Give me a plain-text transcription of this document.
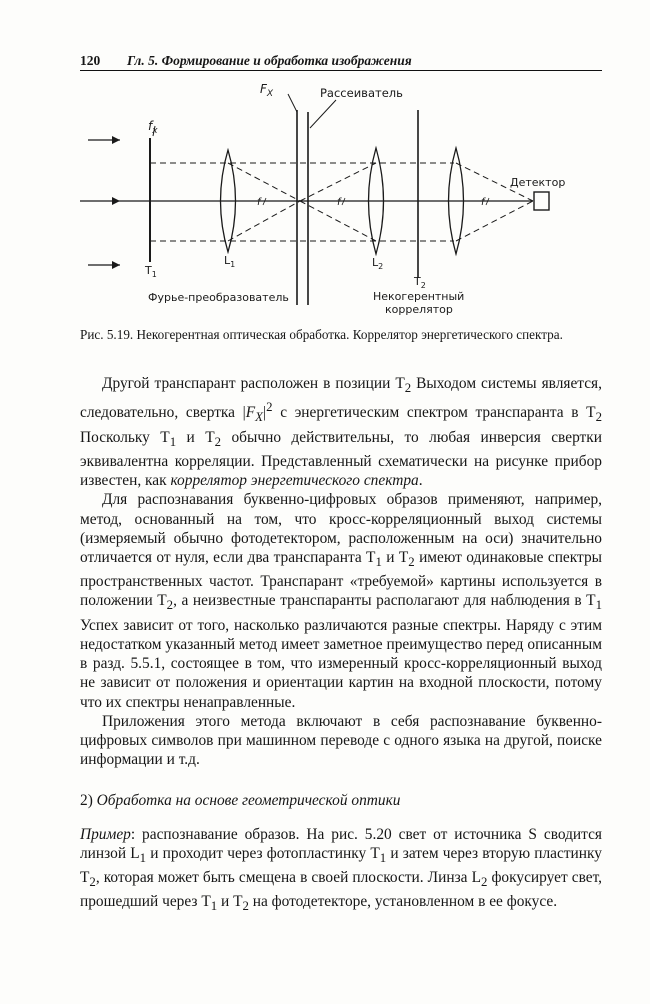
120 Гл. 5. Формирование и обработка изображения
$F_X$	Рассеиватель
$f_x$
Детектор
$T_1$
$L_1$	$L_2$
$T_2$
f	f	f
Фурье-преобразователь	Некогерентный
коррелятор
Рис. 5.19. Некогерентная оптическая обработка. Коррелятор энергетического спектра.

Другой транспарант расположен в позиции $T_2$ Выходом системы является, следовательно, свертка $|F_X|^2$ с энергетическим спектром транспаранта в $T_2$ Поскольку $T_1$ и $T_2$ обычно действительны, то любая инверсия свертки эквивалентна корреляции. Представленный схематически на рисунке прибор известен, как коррелятор энергетического спектра.

Для распознавания буквенно-цифровых образов применяют, например, метод, основанный на том, что кросс-корреляционный выход системы (измеряемый обычно фотодетектором, расположенным на оси) значительно отличается от нуля, если два транспаранта $T_1$ и $T_2$ имеют одинаковые спектры пространственных частот. Транспарант «требуемой» картины используется в положении $T_2$, а неизвестные транспаранты располагают для наблюдения в $T_1$ Успех зависит от того, насколько различаются разные спектры. Наряду с этим недостатком указанный метод имеет заметное преимущество перед описанным в разд. 5.5.1, состоящее в том, что измеренный кросс-корреляционный выход не зависит от положения и ориентации картин на входной плоскости, потому что их спектры ненаправленные.

Приложения этого метода включают в себя распознавание буквенно-цифровых символов при машинном переводе с одного языка на другой, поиске информации и т.д.

2) Обработка на основе геометрической оптики

Пример: распознавание образов. На рис. 5.20 свет от источника S сводится линзой $L_1$ и проходит через фотопластинку $T_1$ и затем через вторую пластинку $T_2$, которая может быть смещена в своей плоскости. Линза $L_2$ фокусирует свет, прошедший через $T_1$ и $T_2$ на фотодетекторе, установленном в ее фокусе.
